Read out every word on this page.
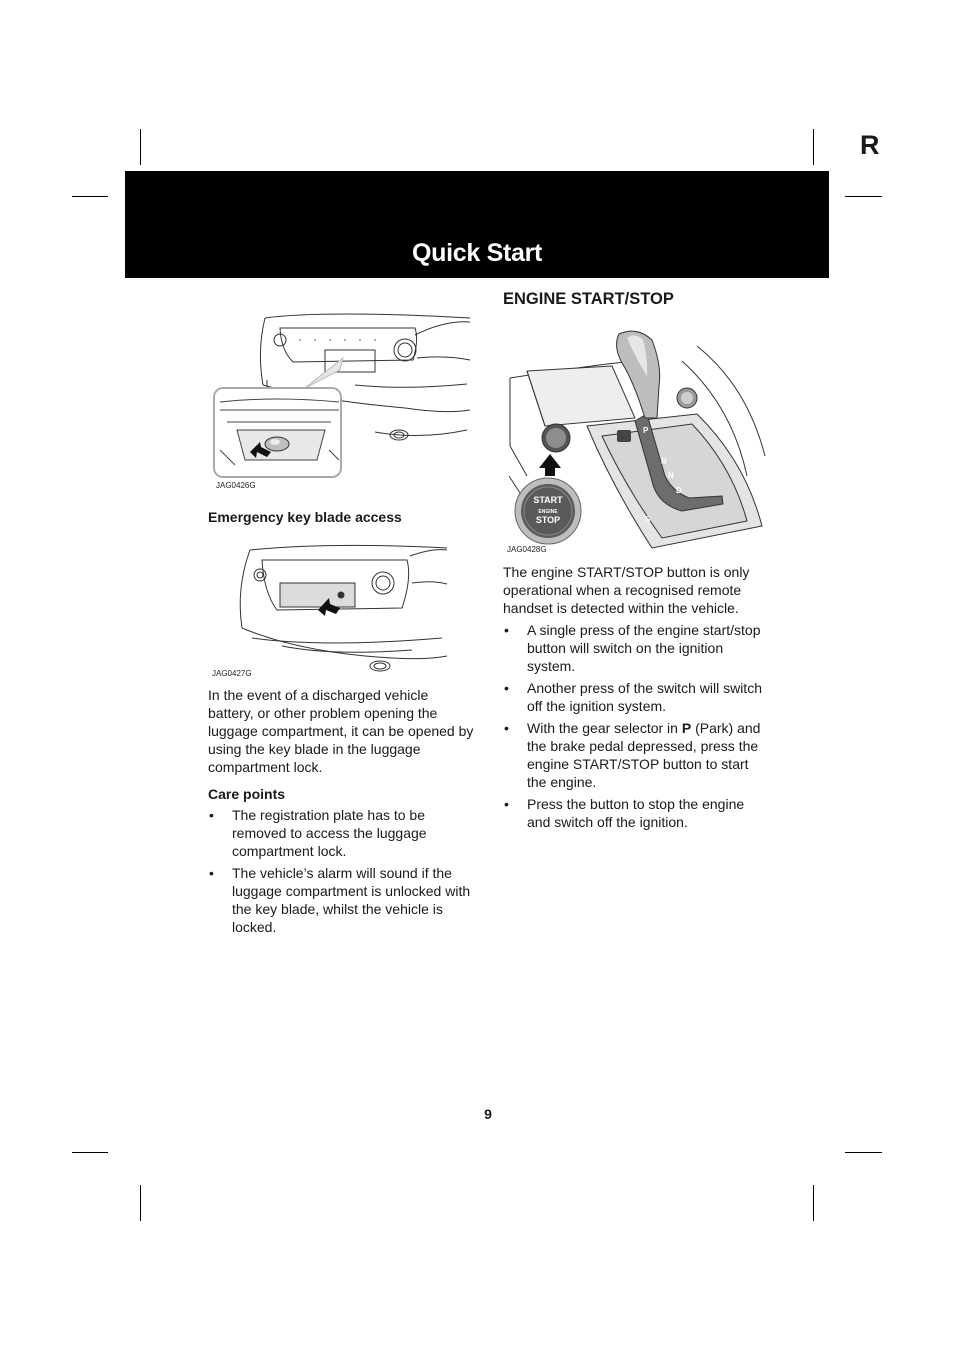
R
Quick Start
JAG0426G
Emergency key blade access
JAG0427G

In the event of a discharged vehicle battery, or other problem opening the luggage compartment, it can be opened by using the key blade in the luggage compartment lock.

Care points
• The registration plate has to be removed to access the luggage compartment lock.
• The vehicle’s alarm will sound if the luggage compartment is unlocked with the key blade, whilst the vehicle is locked.
ENGINE START/STOP
P
R
N
D
S
START
ENGINE
STOP
JAG0428G

The engine START/STOP button is only operational when a recognised remote handset is detected within the vehicle.

• A single press of the engine start/stop button will switch on the ignition system.
• Another press of the switch will switch off the ignition system.
• With the gear selector in P (Park) and the brake pedal depressed, press the engine START/STOP button to start the engine.
• Press the button to stop the engine and switch off the ignition.
9
